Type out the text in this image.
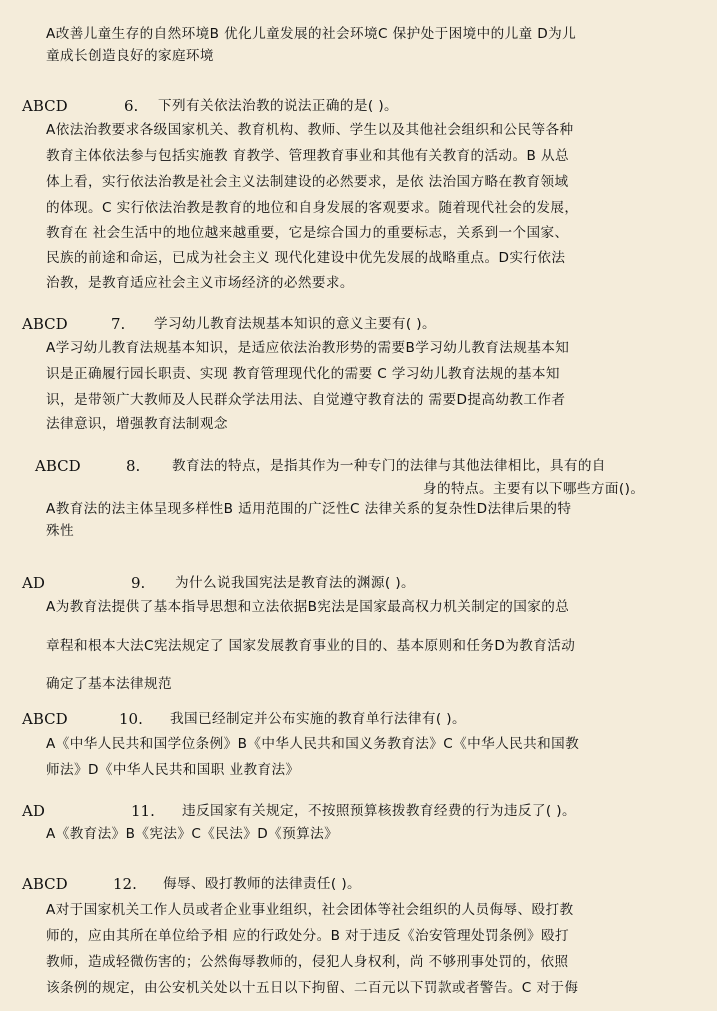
A改善儿童生存的自然环境B 优化儿童发展的社会环境C 保护处于困境中的儿童 D为儿
童成长创造良好的家庭环境
ABCD	6. 下列有关依法治教的说法正确的是( )。
A依法治教要求各级国家机关、教育机构、教师、学生以及其他社会组织和公民等各种
教育主体依法参与包括实施教 育教学、管理教育事业和其他有关教育的活动。B 从总
体上看，实行依法治教是社会主义法制建设的必然要求，是依 法治国方略在教育领域
的体现。C 实行依法治教是教育的地位和自身发展的客观要求。随着现代社会的发展，
教育在 社会生活中的地位越来越重要，它是综合国力的重要标志，关系到一个国家、
民族的前途和命运，已成为社会主义 现代化建设中优先发展的战略重点。D实行依法
治教，是教育适应社会主义市场经济的必然要求。
ABCD	7. 学习幼儿教育法规基本知识的意义主要有( )。
A学习幼儿教育法规基本知识，是适应依法治教形势的需要B学习幼儿教育法规基本知
识是正确履行园长职责、实现 教育管理现代化的需要 C 学习幼儿教育法规的基本知
识，是带领广大教师及人民群众学法用法、自觉遵守教育法的 需要D提高幼教工作者
法律意识，增强教育法制观念
ABCD	8. 教育法的特点，是指其作为一种专门的法律与其他法律相比，具有的自
身的特点。主要有以下哪些方面()。
A教育法的法主体呈现多样性B 适用范围的广泛性C 法律关系的复杂性D法律后果的特
殊性
AD	9. 为什么说我国宪法是教育法的渊源( )。
A为教育法提供了基本指导思想和立法依据B宪法是国家最高权力机关制定的国家的总
章程和根本大法C宪法规定了 国家发展教育事业的目的、基本原则和任务D为教育活动
确定了基本法律规范
ABCD	10. 我国已经制定并公布实施的教育单行法律有( )。
A《中华人民共和国学位条例》B《中华人民共和国义务教育法》C《中华人民共和国教
师法》D《中华人民共和国职 业教育法》
AD	11. 违反国家有关规定，不按照预算核拨教育经费的行为违反了( )。
A《教育法》B《宪法》C《民法》D《预算法》
ABCD	12. 侮辱、殴打教师的法律责任( )。
A对于国家机关工作人员或者企业事业组织，社会团体等社会组织的人员侮辱、殴打教
师的，应由其所在单位给予相 应的行政处分。B 对于违反《治安管理处罚条例》殴打
教师，造成轻微伤害的；公然侮辱教师的，侵犯人身权利，尚 不够刑事处罚的，依照
该条例的规定，由公安机关处以十五日以下拘留、二百元以下罚款或者警告。C 对于侮
